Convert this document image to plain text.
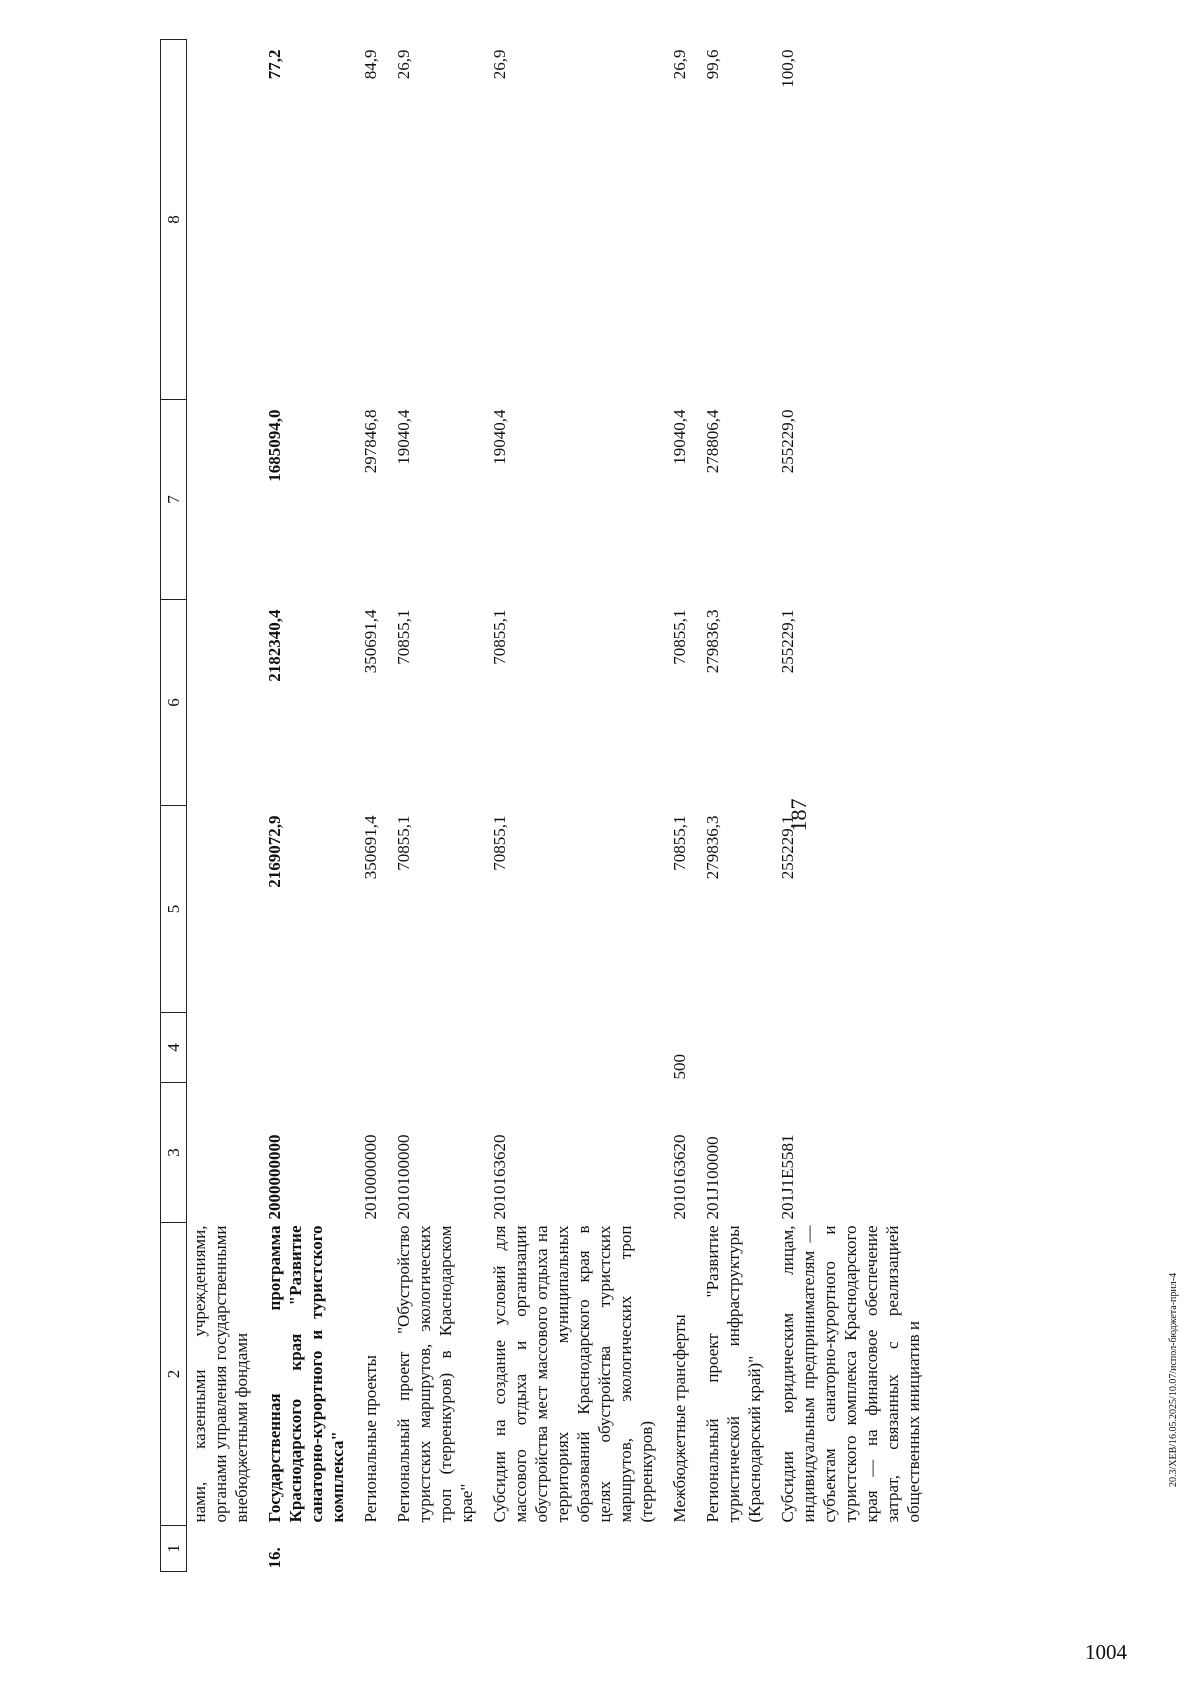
187
1	2	3	4	5	6	7	8
	нами, казенными учреждениями, органами управления государственными внебюджетными фондами						
16.	Государственная программа Краснодарского края "Развитие санаторно-курортного и туристского комплекса"	2000000000		2169072,9	2182340,4	1685094,0	77,2
	Региональные проекты	2010000000		350691,4	350691,4	297846,8	84,9
	Региональный проект "Обустройство туристских маршрутов, экологических троп (терренкуров) в Краснодарском крае"	2010100000		70855,1	70855,1	19040,4	26,9
	Субсидии на создание условий для массового отдыха и организации обустройства мест массового отдыха на территориях муниципальных образований Краснодарского края в целях обустройства туристских маршрутов, экологических троп (терренкуров)	2010163620		70855,1	70855,1	19040,4	26,9
	Межбюджетные трансферты	2010163620	500	70855,1	70855,1	19040,4	26,9
	Региональный проект "Развитие туристической инфраструктуры (Краснодарский край)"	201J100000		279836,3	279836,3	278806,4	99,6
	Субсидии юридическим лицам, индивидуальным предпринимателям — субъектам санаторно-курортного и туристского комплекса Краснодарского края — на финансовое обеспечение затрат, связанных с реализацией общественных инициатив и	201J1E5581		255229,1	255229,1	255229,0	100,0
20.3/ХЕВ/16.05.2025/10.07/испол-бюджета-прил-4
1004
